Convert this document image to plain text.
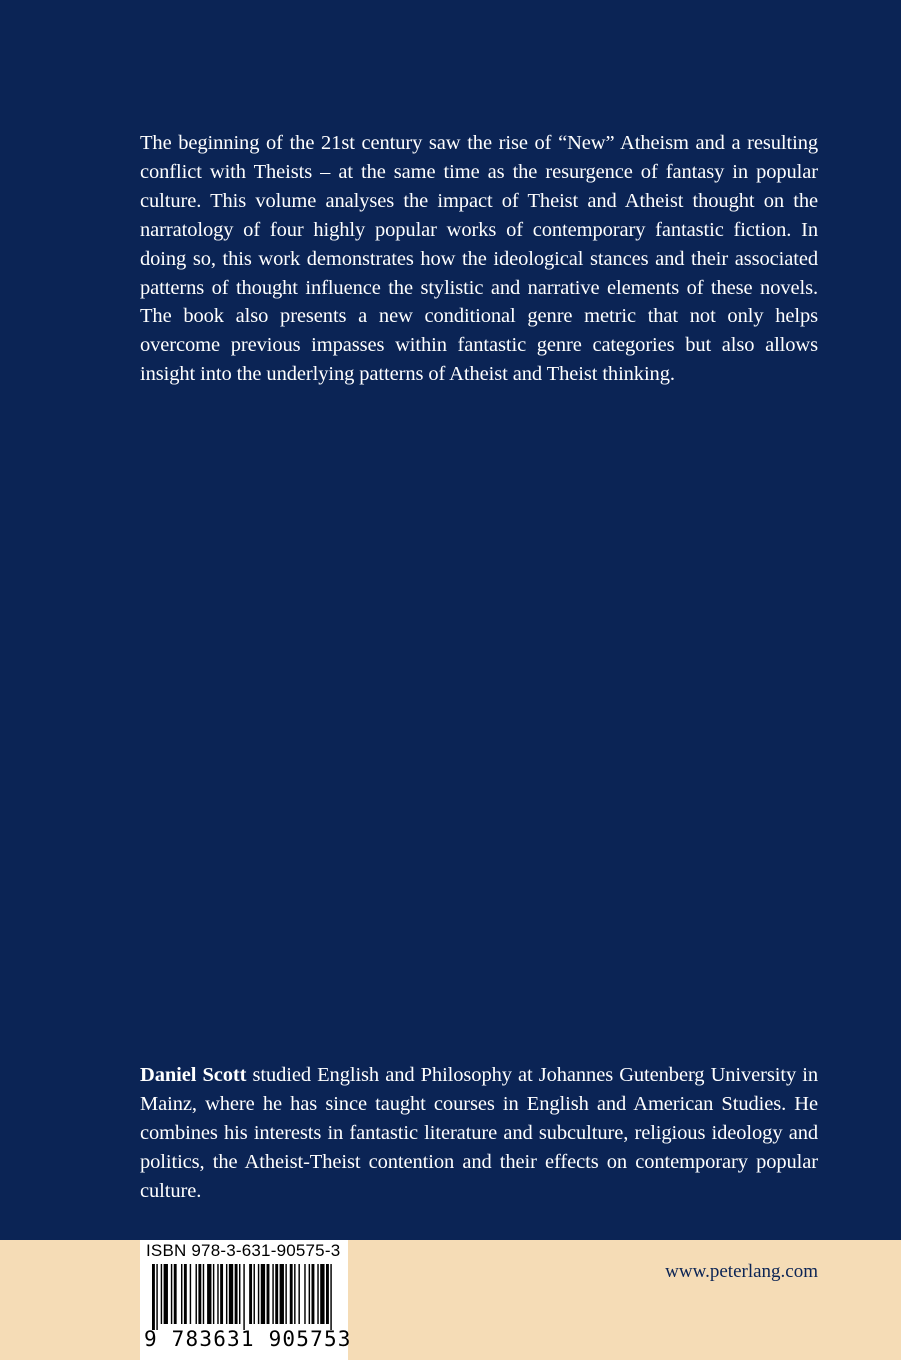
The beginning of the 21st century saw the rise of “New” Atheism and a resulting conflict with Theists – at the same time as the resurgence of fantasy in popular culture. This volume analyses the impact of Theist and Atheist thought on the narratology of four highly popular works of contemporary fantastic fiction. In doing so, this work demonstrates how the ideological stances and their associated patterns of thought influence the stylistic and narrative elements of these novels. The book also presents a new conditional genre metric that not only helps overcome previous impasses within fantastic genre categories but also allows insight into the underlying patterns of Atheist and Theist thinking.

Daniel Scott studied English and Philosophy at Johannes Gutenberg University in Mainz, where he has since taught courses in English and American Studies. He combines his interests in fantastic literature and subculture, religious ideology and politics, the Atheist-Theist contention and their effects on contemporary popular culture.

ISBN 978-3-631-90575-3
9 783631 905753
www.peterlang.com
